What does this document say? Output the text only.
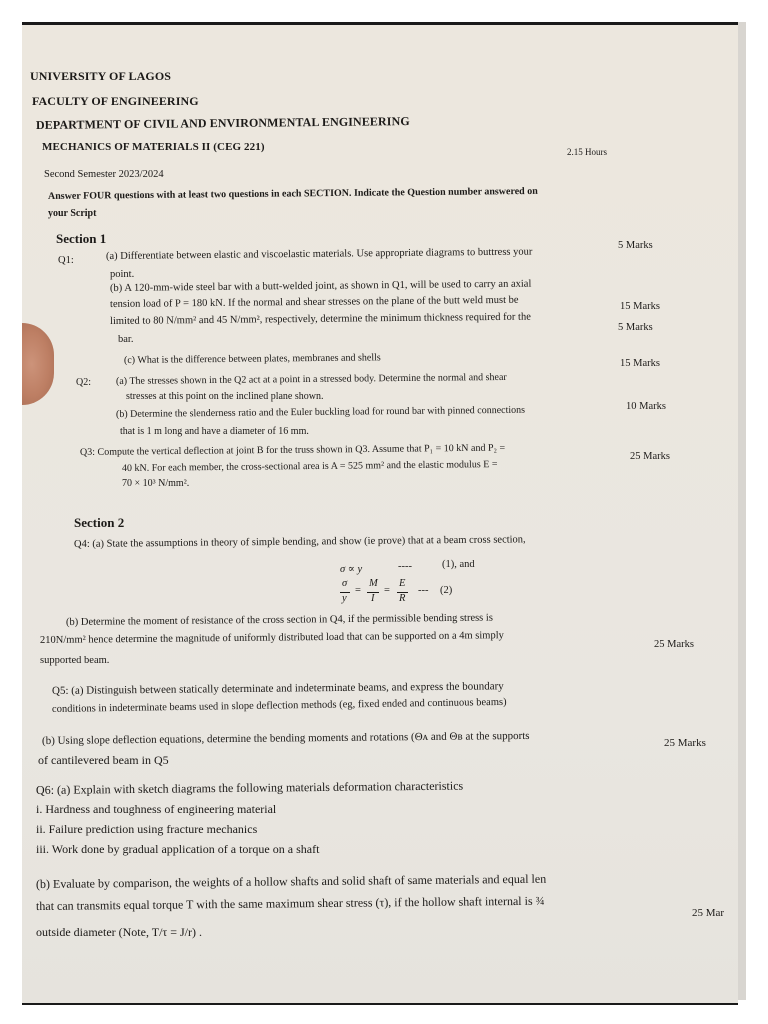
UNIVERSITY OF LAGOS
FACULTY OF ENGINEERING
DEPARTMENT OF CIVIL AND ENVIRONMENTAL ENGINEERING
MECHANICS OF MATERIALS II (CEG 221)	2.15 Hours
Second Semester 2023/2024
Answer FOUR questions with at least two questions in each SECTION. Indicate the Question number answered on
your Script
Section 1
Q1:	(a) Differentiate between elastic and viscoelastic materials. Use appropriate diagrams to buttress your
5 Marks
point.
(b) A 120-mm-wide steel bar with a butt-welded joint, as shown in Q1, will be used to carry an axial
tension load of P = 180 kN. If the normal and shear stresses on the plane of the butt weld must be
limited to 80 N/mm² and 45 N/mm², respectively, determine the minimum thickness required for the
15 Marks
bar.
(c) What is the difference between plates, membranes and shells
5 Marks
Q2: (a) The stresses shown in the Q2 act at a point in a stressed body. Determine the normal and shear
15 Marks
stresses at this point on the inclined plane shown.
(b) Determine the slenderness ratio and the Euler buckling load for round bar with pinned connections	10 Marks
that is 1 m long and have a diameter of 16 mm.
Q3: Compute the vertical deflection at joint B for the truss shown in Q3. Assume that P₁ = 10 kN and P₂ =
40 kN. For each member, the cross-sectional area is A = 525 mm² and the elastic modulus E =
25 Marks
70 × 10³ N/mm².
Section 2
Q4: (a) State the assumptions in theory of simple bending, and show (ie prove) that at a beam cross section,
σ ∝ y	----	(1), and
σ
y
=
M
I
=
E
R
--- (2)
(b) Determine the moment of resistance of the cross section in Q4, if the permissible bending stress is
210N/mm² hence determine the magnitude of uniformly distributed load that can be supported on a 4m simply	25 Marks
supported beam.
Q5: (a) Distinguish between statically determinate and indeterminate beams, and express the boundary
conditions in indeterminate beams used in slope deflection methods (eg, fixed ended and continuous beams)
(b) Using slope deflection equations, determine the bending moments and rotations (Θᴀ and Θʙ at the supports	25 Marks
of cantilevered beam in Q5
Q6: (a) Explain with sketch diagrams the following materials deformation characteristics
i. Hardness and toughness of engineering material
ii. Failure prediction using fracture mechanics
iii. Work done by gradual application of a torque on a shaft
(b) Evaluate by comparison, the weights of a hollow shafts and solid shaft of same materials and equal len
that can transmits equal torque T with the same maximum shear stress (τ), if the hollow shaft internal is ¾
25 Mar
outside diameter (Note, T/τ = J/r) .
